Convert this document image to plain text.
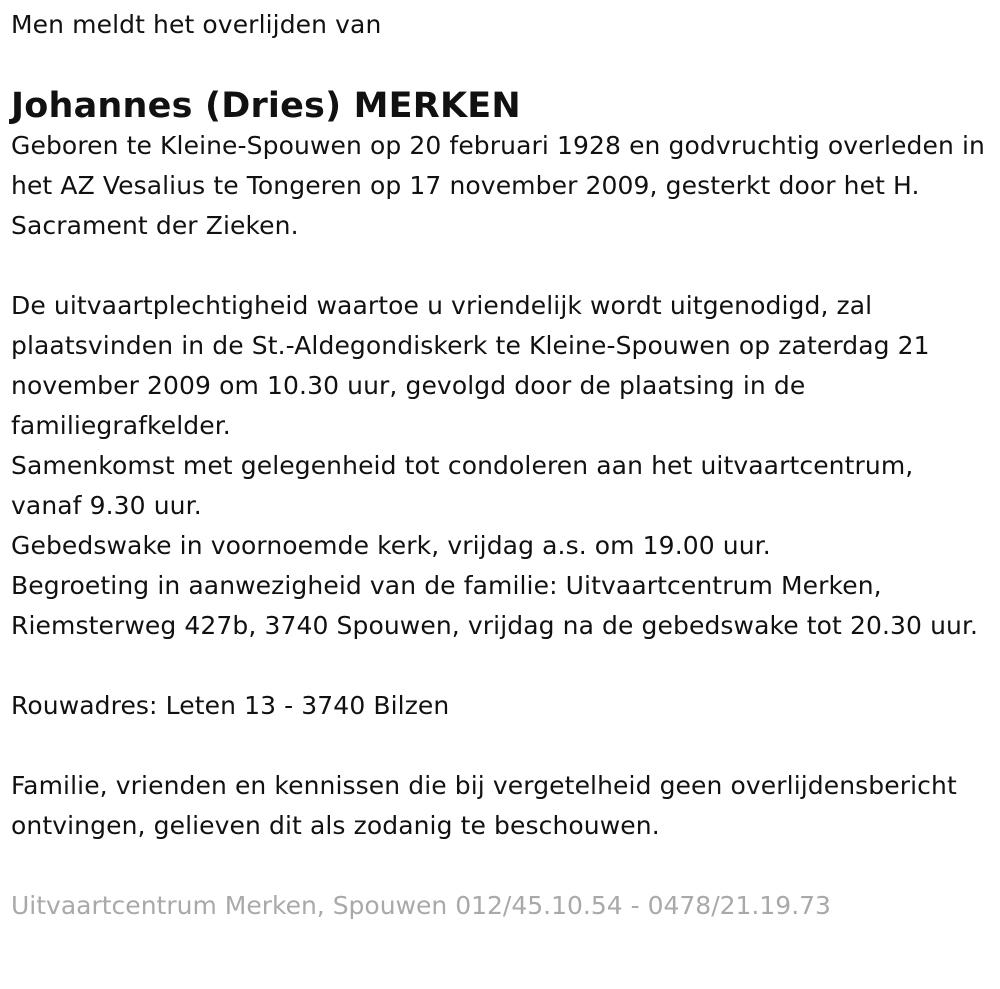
Men meldt het overlijden van

Johannes (Dries) MERKEN

Geboren te Kleine-Spouwen op 20 februari 1928 en godvruchtig overleden in het AZ Vesalius te Tongeren op 17 november 2009, gesterkt door het H. Sacrament der Zieken.

De uitvaartplechtigheid waartoe u vriendelijk wordt uitgenodigd, zal plaatsvinden in de St.-Aldegondiskerk te Kleine-Spouwen op zaterdag 21 november 2009 om 10.30 uur, gevolgd door de plaatsing in de familiegrafkelder.

Samenkomst met gelegenheid tot condoleren aan het uitvaartcentrum, vanaf 9.30 uur.

Gebedswake in voornoemde kerk, vrijdag a.s. om 19.00 uur.

Begroeting in aanwezigheid van de familie: Uitvaartcentrum Merken, Riemsterweg 427b, 3740 Spouwen, vrijdag na de gebedswake tot 20.30 uur.

Rouwadres: Leten 13 - 3740 Bilzen

Familie, vrienden en kennissen die bij vergetelheid geen overlijdensbericht ontvingen, gelieven dit als zodanig te beschouwen.

Uitvaartcentrum Merken, Spouwen 012/45.10.54 - 0478/21.19.73
